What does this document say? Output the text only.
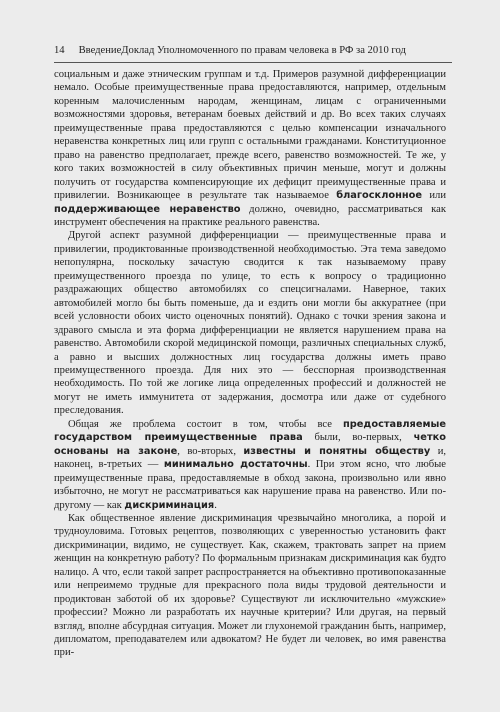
14 ВведениеДоклад Уполномоченного по правам человека в РФ за 2010 год

социальным и даже этническим группам и т.д. Примеров разумной дифференциации немало. Особые преимущественные права предоставляются, например, отдельным коренным малочисленным народам, женщинам, лицам с ограниченными возможностями здоровья, ветеранам боевых действий и др. Во всех таких случаях преимущественные права предоставляются с целью компенсации изначального неравенства конкретных лиц или групп с остальными гражданами. Конституционное право на равенство предполагает, прежде всего, равенство возможностей. Те же, у кого таких возможностей в силу объективных причин меньше, могут и должны получить от государства компенсирующие их дефицит преимущественные права и привилегии. Возникающее в результате так называемое благосклонное или поддерживающее неравенство должно, очевидно, рассматриваться как инструмент обеспечения на практике реального равенства.

Другой аспект разумной дифференциации — преимущественные права и привилегии, продиктованные производственной необходимостью. Эта тема заведомо непопулярна, поскольку зачастую сводится к так называемому праву преимущественного проезда по улице, то есть к вопросу о традиционно раздражающих общество автомобилях со спецсигналами. Наверное, таких автомобилей могло бы быть поменьше, да и ездить они могли бы аккуратнее (при всей условности обоих чисто оценочных понятий). Однако с точки зрения закона и здравого смысла и эта форма дифференциации не является нарушением права на равенство. Автомобили скорой медицинской помощи, различных специальных служб, а равно и высших должностных лиц государства должны иметь право преимущественного проезда. Для них это — бесспорная производственная необходимость. По той же логике лица определенных профессий и должностей не могут не иметь иммунитета от задержания, досмотра или даже от судебного преследования.

Общая же проблема состоит в том, чтобы все предоставляемые государством преимущественные права были, во-первых, четко основаны на законе, во-вторых, известны и понятны обществу и, наконец, в-третьих — минимально достаточны. При этом ясно, что любые преимущественные права, предоставляемые в обход закона, произвольно или явно избыточно, не могут не рассматриваться как нарушение права на равенство. Или по-другому — как дискриминация.

Как общественное явление дискриминация чрезвычайно многолика, а порой и трудноуловима. Готовых рецептов, позволяющих с уверенностью установить факт дискриминации, видимо, не существует. Как, скажем, трактовать запрет на прием женщин на конкретную работу? По формальным признакам дискриминация как будто налицо. А что, если такой запрет распространяется на объективно противопоказанные или непреимемо трудные для прекрасного пола виды трудовой деятельности и продиктован заботой об их здоровье? Существуют ли исключительно «мужские» профессии? Можно ли разработать их научные критерии? Или другая, на первый взгляд, вполне абсурдная ситуация. Может ли глухонемой гражданин быть, например, дипломатом, преподавателем или адвокатом? Не будет ли человек, во имя равенства при-
